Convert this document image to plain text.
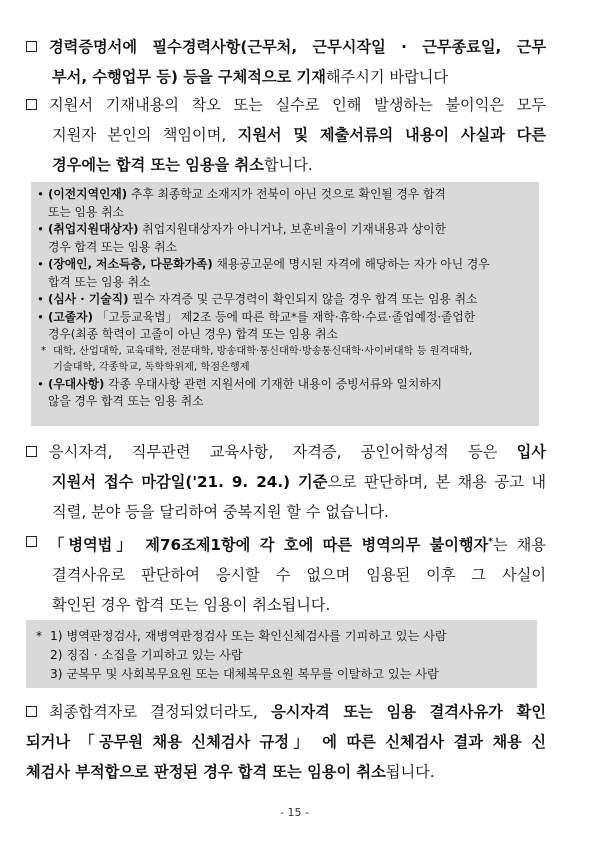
경력증명서에 필수경력사항(근무처, 근무시작일 · 근무종료일, 근무
부서, 수행업무 등) 등을 구체적으로 기재해주시기 바랍니다
지원서 기재내용의 착오 또는 실수로 인해 발생하는 불이익은 모두
지원자 본인의 책임이며, 지원서 및 제출서류의 내용이 사실과 다른
경우에는 합격 또는 임용을 취소합니다.
• (이전지역인재) 추후 최종학교 소재지가 전북이 아닌 것으로 확인될 경우 합격
또는 임용 취소
• (취업지원대상자) 취업지원대상자가 아니거나, 보훈비율이 기재내용과 상이한
경우 합격 또는 임용 취소
• (장애인, 저소득층, 다문화가족) 채용공고문에 명시된 자격에 해당하는 자가 아닌 경우
합격 또는 임용 취소
• (심사 · 기술직) 필수 자격증 및 근무경력이 확인되지 않을 경우 합격 또는 임용 취소
• (고졸자) 「고등교육법」 제2조 등에 따른 학교*를 재학·휴학·수료·졸업예정·졸업한
경우(최종 학력이 고졸이 아닌 경우) 합격 또는 임용 취소
* 대학, 산업대학, 교육대학, 전문대학, 방송대학·통신대학·방송통신대학·사이버대학 등 원격대학,
기술대학, 각종학교, 독학학위제, 학점은행제
• (우대사항) 각종 우대사항 관련 지원서에 기재한 내용이 증빙서류와 일치하지
않을 경우 합격 또는 임용 취소
응시자격, 직무관련 교육사항, 자격증, 공인어학성적 등은 입사
지원서 접수 마감일('21. 9. 24.) 기준으로 판단하며, 본 채용 공고 내
직렬, 분야 등을 달리하여 중복지원 할 수 없습니다.
「병역법」 제76조제1항에 각 호에 따른 병역의무 불이행자*는 채용
결격사유로 판단하여 응시할 수 없으며 임용된 이후 그 사실이
확인된 경우 합격 또는 임용이 취소됩니다.
* 1) 병역판정검사, 재병역판정검사 또는 확인신체검사를 기피하고 있는 사람
2) 징집 · 소집을 기피하고 있는 사람
3) 군복무 및 사회복무요원 또는 대체복무요원 복무를 이탈하고 있는 사람
최종합격자로 결정되었더라도, 응시자격 또는 임용 결격사유가 확인
되거나 「공무원 채용 신체검사 규정」 에 따른 신체검사 결과 채용 신
체검사 부적합으로 판정된 경우 합격 또는 임용이 취소됩니다.
- 15 -
